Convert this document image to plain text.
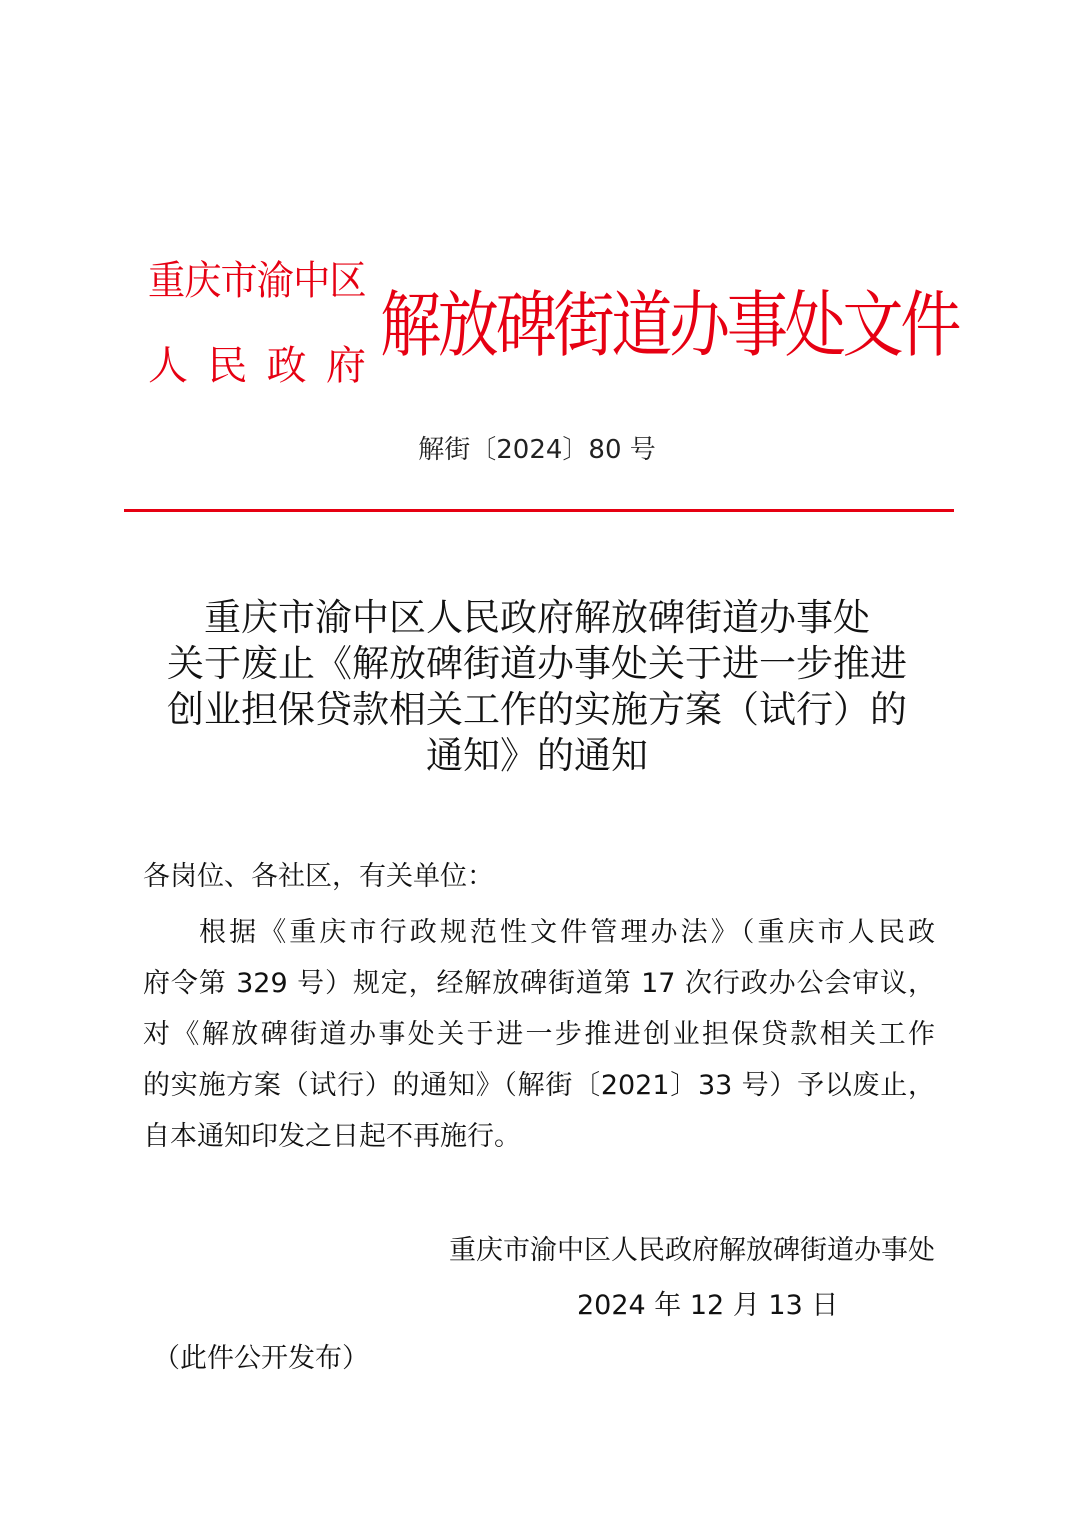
重庆市渝中区
人 民 政 府 解放碑街道办事处文件
解街〔2024〕80 号
重庆市渝中区人民政府解放碑街道办事处
关于废止《解放碑街道办事处关于进一步推进
创业担保贷款相关工作的实施方案（试行）的
通知》的通知
各岗位、各社区，有关单位：
根据《重庆市行政规范性文件管理办法》（重庆市人民政
府令第 329 号）规定，经解放碑街道第 17 次行政办公会审议，
对《解放碑街道办事处关于进一步推进创业担保贷款相关工作
的实施方案（试行）的通知》（解街〔2021〕33 号）予以废止，
自本通知印发之日起不再施行。
重庆市渝中区人民政府解放碑街道办事处
2024 年 12 月 13 日
（此件公开发布）
